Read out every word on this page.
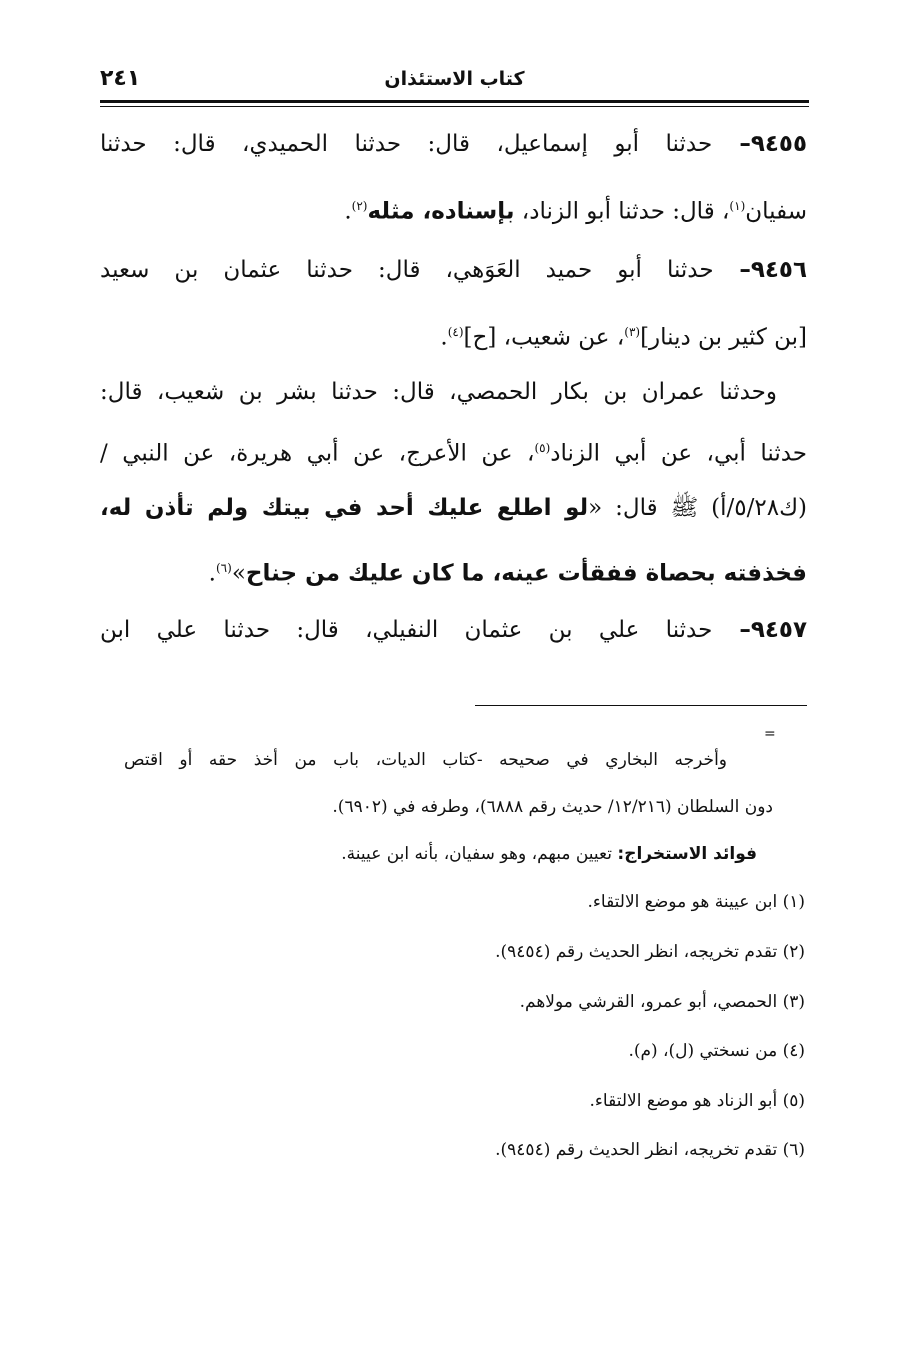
كتاب الاستئذان
٢٤١
٩٤٥٥– حدثنا أبو إسماعيل، قال: حدثنا الحميدي، قال: حدثنا
سفيان$^{(١)}$، قال: حدثنا أبو الزناد، بإسناده، مثله$^{(٢)}$.
٩٤٥٦– حدثنا أبو حميد العَوَهي، قال: حدثنا عثمان بن سعيد
[بن كثير بن دينار]$^{(٣)}$، عن شعيب، [ح]$^{(٤)}$.
وحدثنا عمران بن بكار الحمصي، قال: حدثنا بشر بن شعيب، قال:
حدثنا أبي، عن أبي الزناد$^{(٥)}$، عن الأعرج، عن أبي هريرة، عن النبي /
(ك٥/٢٨/أ) ﷺ قال: «لو اطلع عليك أحد في بيتك ولم تأذن له،
فخذفته بحصاة ففقأت عينه، ما كان عليك من جناح»$^{(٦)}$.
٩٤٥٧– حدثنا علي بن عثمان النفيلي، قال: حدثنا علي ابن
=
وأخرجه البخاري في صحيحه -كتاب الديات، باب من أخذ حقه أو اقتص
دون السلطان (١٢/٢١٦/ حديث رقم ٦٨٨٨)، وطرفه في (٦٩٠٢).
فوائد الاستخراج: تعيين مبهم، وهو سفيان، بأنه ابن عيينة.
(١) ابن عيينة هو موضع الالتقاء.
(٢) تقدم تخريجه، انظر الحديث رقم (٩٤٥٤).
(٣) الحمصي، أبو عمرو، القرشي مولاهم.
(٤) من نسختي (ل)، (م).
(٥) أبو الزناد هو موضع الالتقاء.
(٦) تقدم تخريجه، انظر الحديث رقم (٩٤٥٤).
